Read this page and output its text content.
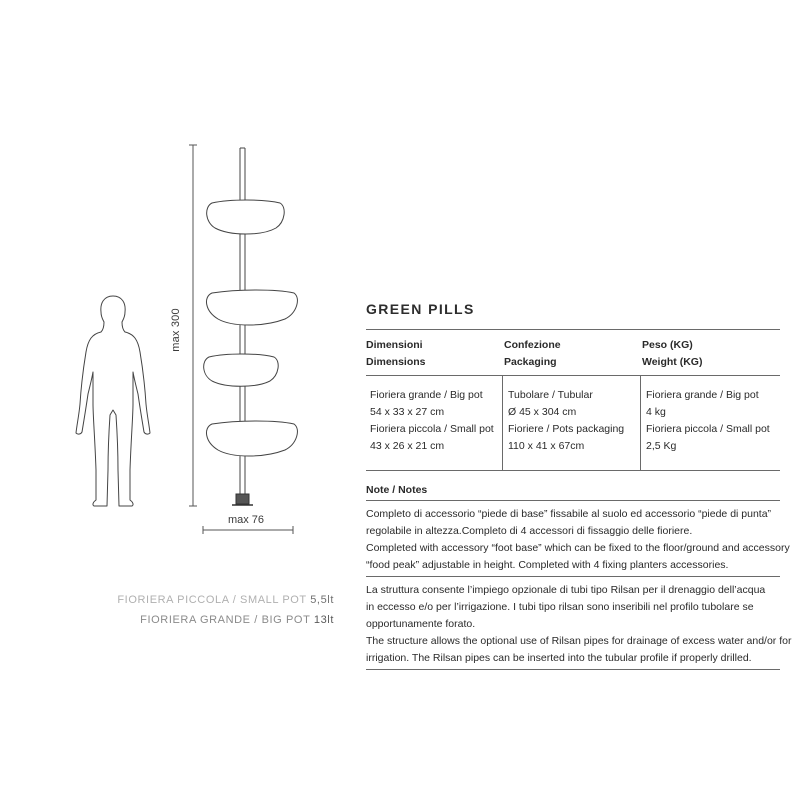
max 300
max 76
FIORIERA PICCOLA / SMALL POT 5,5lt
FIORIERA GRANDE / BIG POT 13lt
GREEN PILLS
Dimensioni
Dimensions
Confezione
Packaging
Peso (KG)
Weight (KG)
Fioriera grande / Big pot
54 x 33 x 27 cm
Fioriera piccola / Small pot
43 x 26 x 21 cm
Tubolare / Tubular
Ø 45 x 304 cm
Fioriere / Pots packaging
110 x 41 x 67cm
Fioriera grande / Big pot
4 kg
Fioriera piccola / Small pot
2,5 Kg
Note / Notes
Completo di accessorio “piede di base” fissabile al suolo ed accessorio “piede di punta”
regolabile in altezza.Completo di 4 accessori di fissaggio delle fioriere.
Completed with accessory “foot base” which can be fixed to the floor/ground and accessory
“food peak” adjustable in height. Completed with 4 fixing planters accessories.
La struttura consente l’impiego opzionale di tubi tipo Rilsan per il drenaggio dell’acqua
in eccesso e/o per l’irrigazione. I tubi tipo rilsan sono inseribili nel profilo tubolare se
opportunamente forato.
The structure allows the optional use of Rilsan pipes for drainage of excess water and/or for
irrigation. The Rilsan pipes can be inserted into the tubular profile if properly drilled.
